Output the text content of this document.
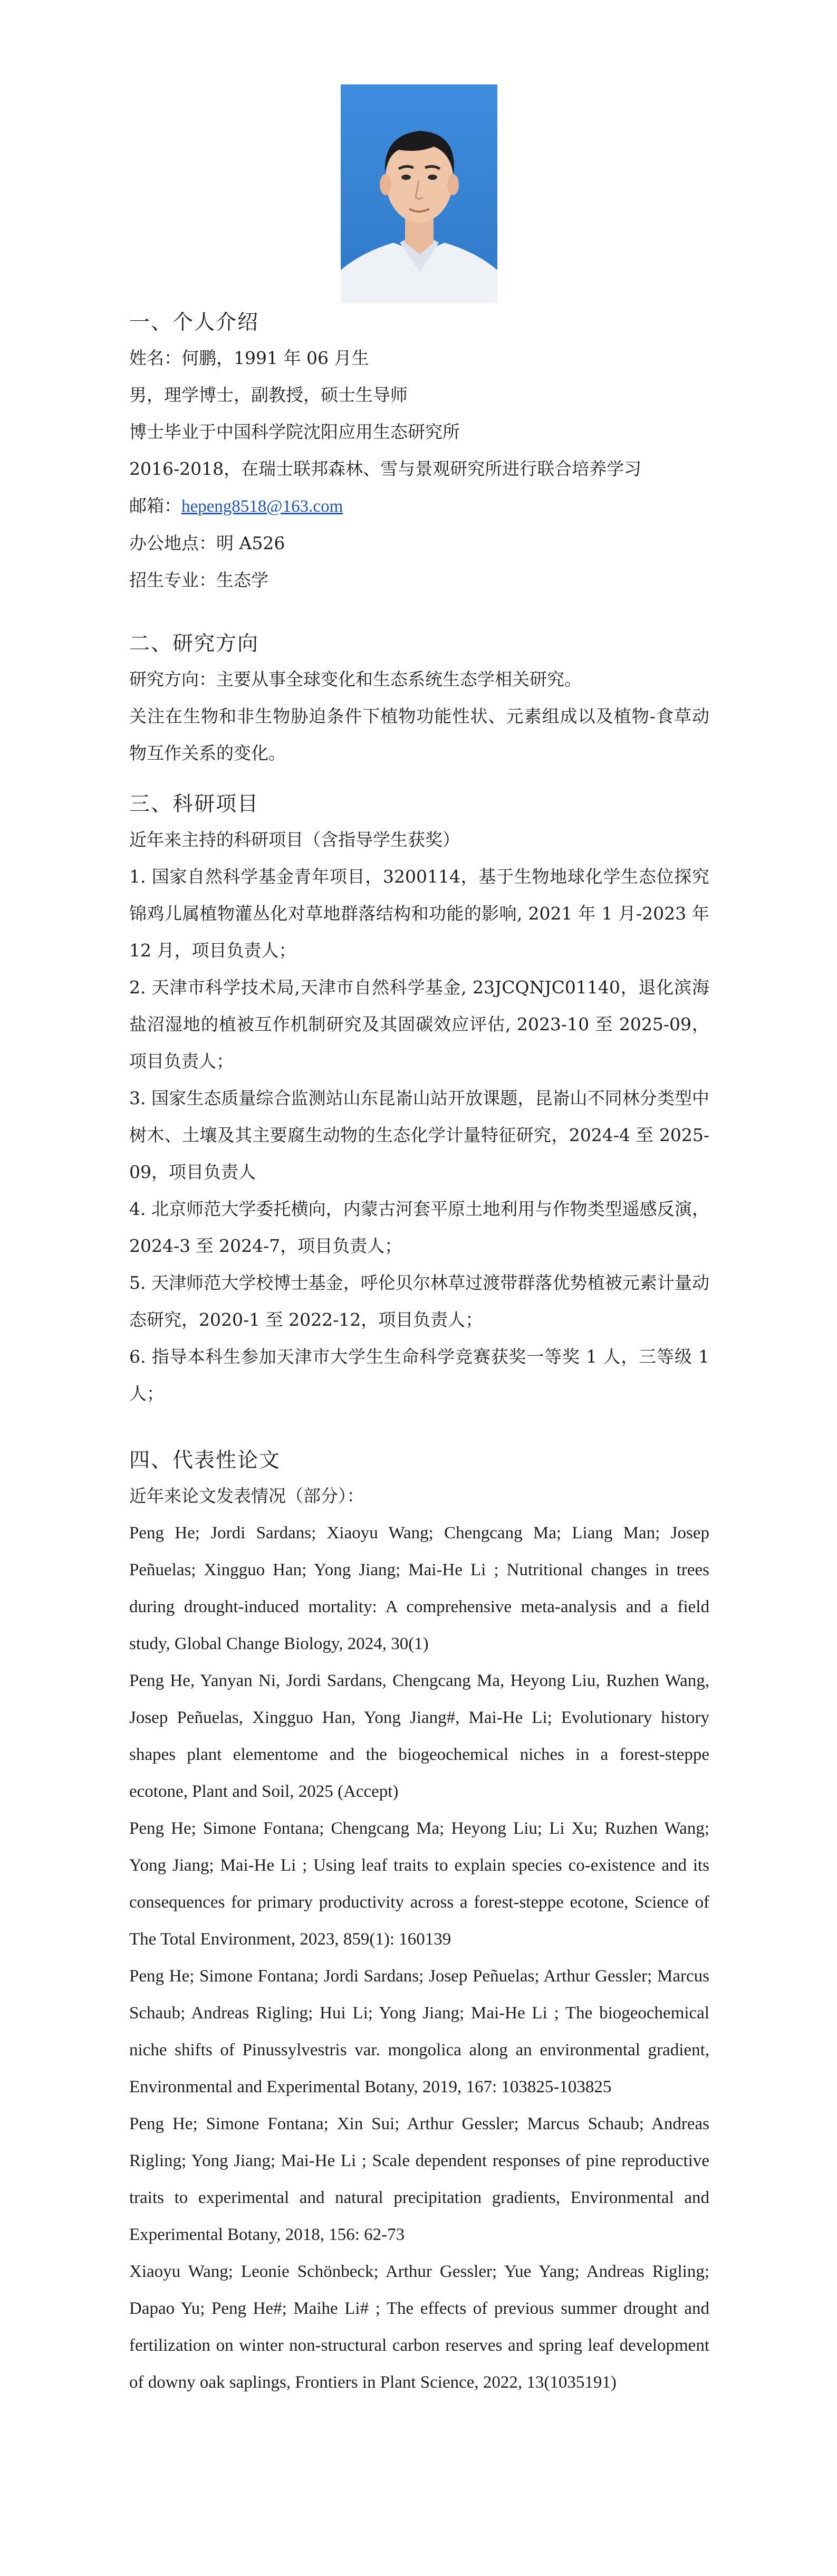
一、个人介绍

姓名：何鹏，1991 年 06 月生

男，理学博士，副教授，硕士生导师

博士毕业于中国科学院沈阳应用生态研究所

2016-2018，在瑞士联邦森林、雪与景观研究所进行联合培养学习

邮箱：hepeng8518@163.com

办公地点：明 A526

招生专业：生态学

二、研究方向

研究方向：主要从事全球变化和生态系统生态学相关研究。

关注在生物和非生物胁迫条件下植物功能性状、元素组成以及植物-食草动物互作关系的变化。

三、科研项目

近年来主持的科研项目（含指导学生获奖）

1. 国家自然科学基金青年项目，3200114，基于生物地球化学生态位探究锦鸡儿属植物灌丛化对草地群落结构和功能的影响, 2021 年 1 月-2023 年 12 月，项目负责人；

2. 天津市科学技术局,天津市自然科学基金, 23JCQNJC01140，退化滨海盐沼湿地的植被互作机制研究及其固碳效应评估, 2023-10 至 2025-09，项目负责人；

3. 国家生态质量综合监测站山东昆嵛山站开放课题，昆嵛山不同林分类型中树木、土壤及其主要腐生动物的生态化学计量特征研究，2024-4 至 2025-09，项目负责人

4. 北京师范大学委托横向，内蒙古河套平原土地利用与作物类型遥感反演，2024-3 至 2024-7，项目负责人；

5. 天津师范大学校博士基金，呼伦贝尔林草过渡带群落优势植被元素计量动态研究，2020-1 至 2022-12，项目负责人；

6. 指导本科生参加天津市大学生生命科学竞赛获奖一等奖 1 人，三等级 1 人；

四、代表性论文

近年来论文发表情况（部分）：

Peng He; Jordi Sardans; Xiaoyu Wang; Chengcang Ma; Liang Man; Josep Peñuelas; Xingguo Han; Yong Jiang; Mai-He Li ; Nutritional changes in trees during drought-induced mortality: A comprehensive meta-analysis and a field study, Global Change Biology, 2024, 30(1)

Peng He, Yanyan Ni, Jordi Sardans, Chengcang Ma, Heyong Liu, Ruzhen Wang, Josep Peñuelas, Xingguo Han, Yong Jiang#, Mai-He Li; Evolutionary history shapes plant elementome and the biogeochemical niches in a forest-steppe ecotone, Plant and Soil, 2025 (Accept)

Peng He; Simone Fontana; Chengcang Ma; Heyong Liu; Li Xu; Ruzhen Wang; Yong Jiang; Mai-He Li ; Using leaf traits to explain species co-existence and its consequences for primary productivity across a forest-steppe ecotone, Science of The Total Environment, 2023, 859(1): 160139

Peng He; Simone Fontana; Jordi Sardans; Josep Peñuelas; Arthur Gessler; Marcus Schaub; Andreas Rigling; Hui Li; Yong Jiang; Mai-He Li ; The biogeochemical niche shifts of Pinussylvestris var. mongolica along an environmental gradient, Environmental and Experimental Botany, 2019, 167: 103825-103825

Peng He; Simone Fontana; Xin Sui; Arthur Gessler; Marcus Schaub; Andreas Rigling; Yong Jiang; Mai-He Li ; Scale dependent responses of pine reproductive traits to experimental and natural precipitation gradients, Environmental and Experimental Botany, 2018, 156: 62-73

Xiaoyu Wang; Leonie Schönbeck; Arthur Gessler; Yue Yang; Andreas Rigling; Dapao Yu; Peng He#; Maihe Li# ; The effects of previous summer drought and fertilization on winter non-structural carbon reserves and spring leaf development of downy oak saplings, Frontiers in Plant Science, 2022, 13(1035191)
